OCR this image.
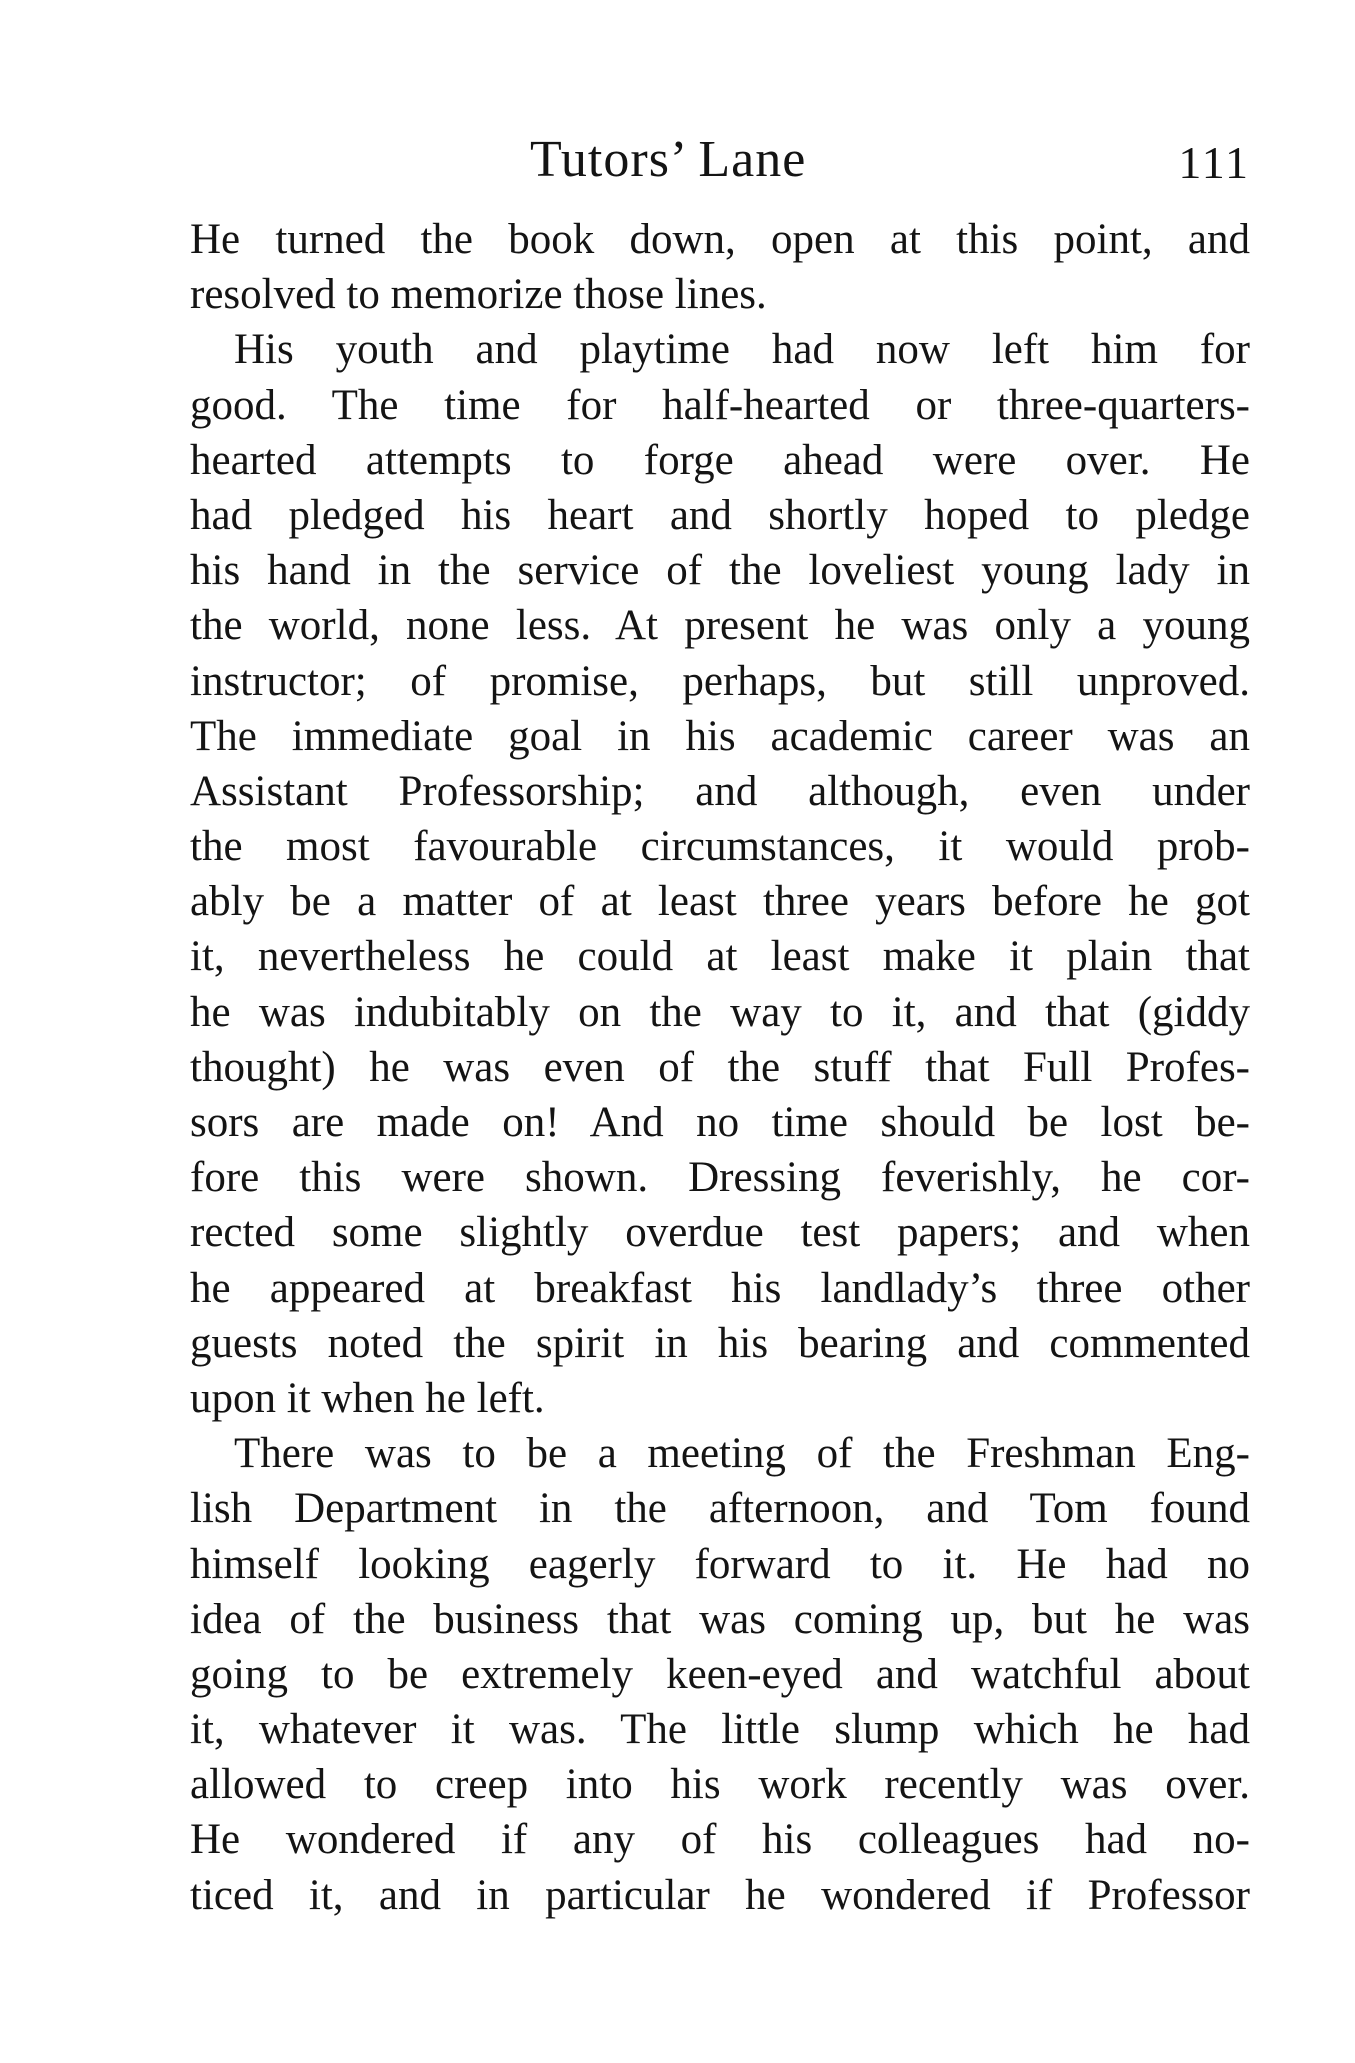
Tutors’ Lane	111
He turned the book down, open at this point, and
resolved to memorize those lines.
His youth and playtime had now left him for
good. The time for half-hearted or three-quarters-
hearted attempts to forge ahead were over. He
had pledged his heart and shortly hoped to pledge
his hand in the service of the loveliest young lady in
the world, none less. At present he was only a young
instructor; of promise, perhaps, but still unproved.
The immediate goal in his academic career was an
Assistant Professorship; and although, even under
the most favourable circumstances, it would prob-
ably be a matter of at least three years before he got
it, nevertheless he could at least make it plain that
he was indubitably on the way to it, and that (giddy
thought) he was even of the stuff that Full Profes-
sors are made on! And no time should be lost be-
fore this were shown. Dressing feverishly, he cor-
rected some slightly overdue test papers; and when
he appeared at breakfast his landlady’s three other
guests noted the spirit in his bearing and commented
upon it when he left.
There was to be a meeting of the Freshman Eng-
lish Department in the afternoon, and Tom found
himself looking eagerly forward to it. He had no
idea of the business that was coming up, but he was
going to be extremely keen-eyed and watchful about
it, whatever it was. The little slump which he had
allowed to creep into his work recently was over.
He wondered if any of his colleagues had no-
ticed it, and in particular he wondered if Professor
